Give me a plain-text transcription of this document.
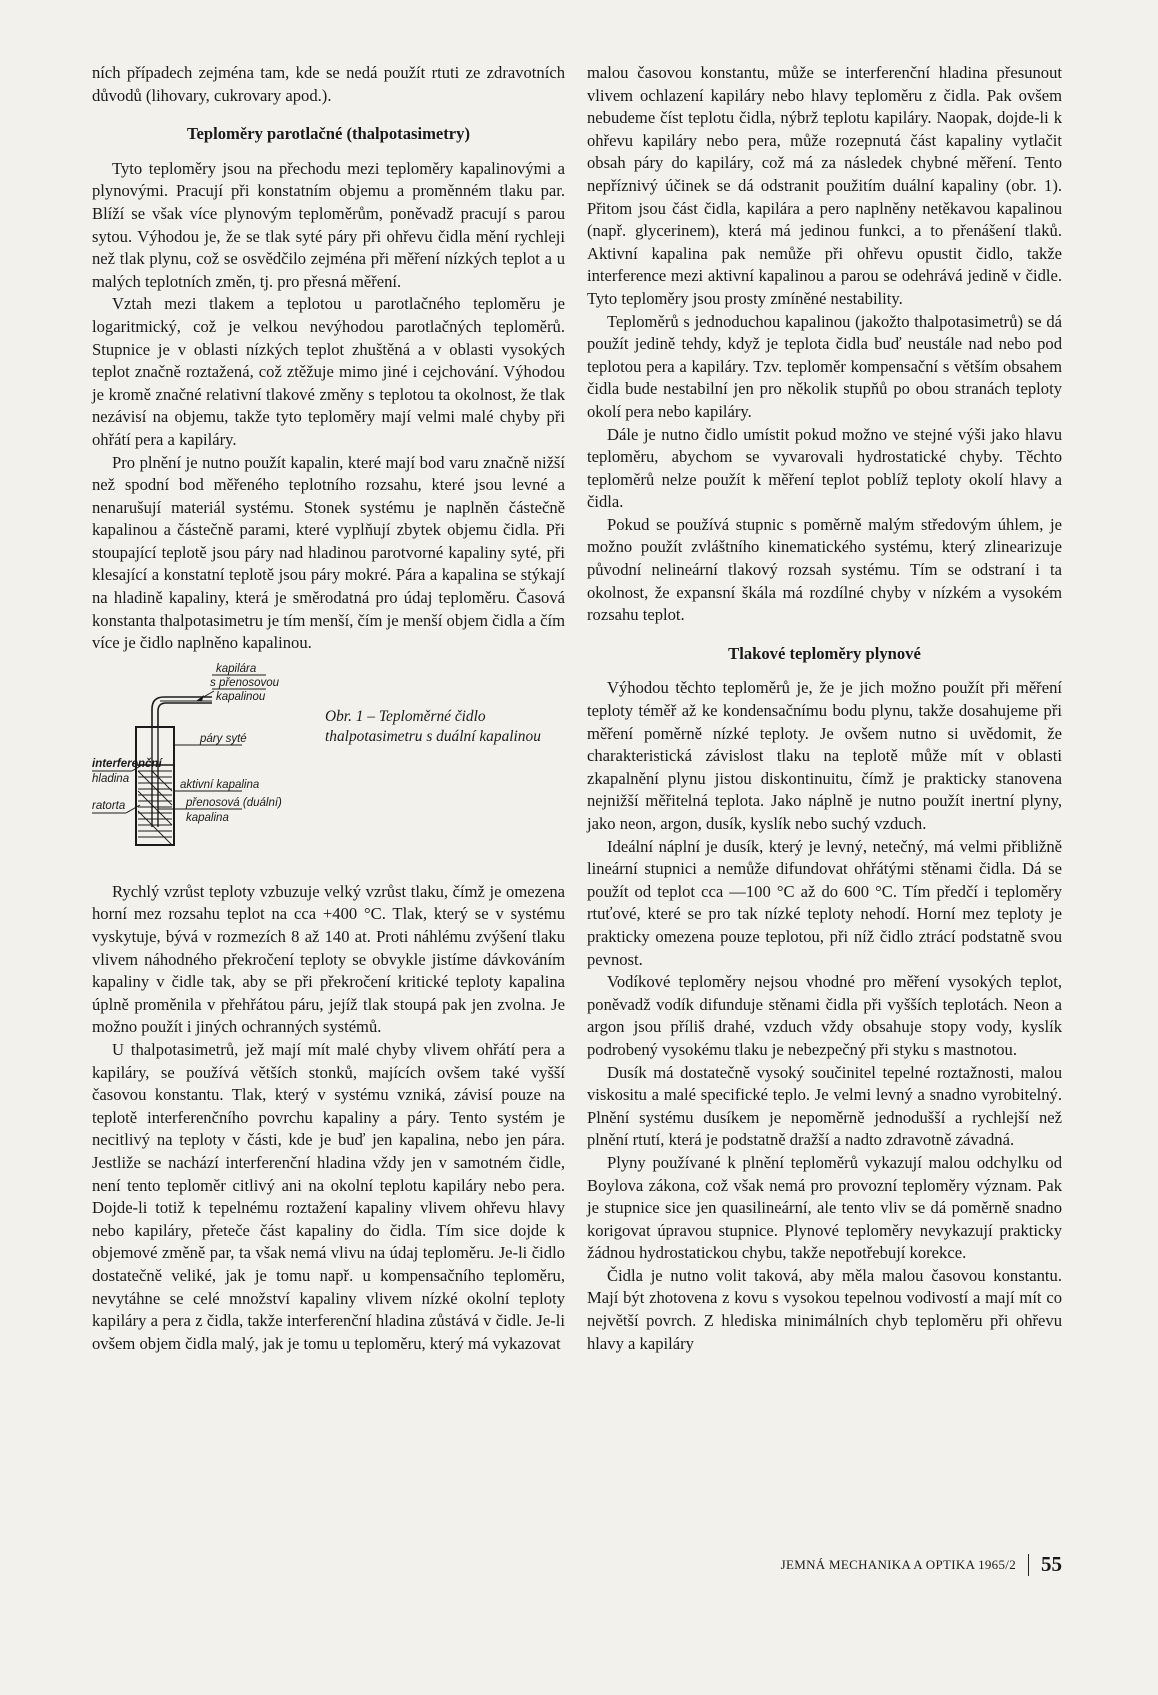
ních případech zejména tam, kde se nedá použít rtuti ze zdravotních důvodů (lihovary, cukrovary apod.).

Teploměry parotlačné (thalpotasimetry)

Tyto teploměry jsou na přechodu mezi teploměry kapalinovými a plynovými. Pracují při konstatním objemu a proměnném tlaku par. Blíží se však více plynovým teploměrům, poněvadž pracují s parou sytou. Výhodou je, že se tlak syté páry při ohřevu čidla mění rychleji než tlak plynu, což se osvědčilo zejména při měření nízkých teplot a u malých teplotních změn, tj. pro přesná měření.

Vztah mezi tlakem a teplotou u parotlačného teploměru je logaritmický, což je velkou nevýhodou parotlačných teploměrů. Stupnice je v oblasti nízkých teplot zhuštěná a v oblasti vysokých teplot značně roztažená, což ztěžuje mimo jiné i cejchování. Výhodou je kromě značné relativní tlakové změny s teplotou ta okolnost, že tlak nezávisí na objemu, takže tyto teploměry mají velmi malé chyby při ohřátí pera a kapiláry.

Pro plnění je nutno použít kapalin, které mají bod varu značně nižší než spodní bod měřeného teplotního rozsahu, které jsou levné a nenarušují materiál systému. Stonek systému je naplněn částečně kapalinou a částečně parami, které vyplňují zbytek objemu čidla. Při stoupající teplotě jsou páry nad hladinou parotvorné kapaliny syté, při klesající a konstatní teplotě jsou páry mokré. Pára a kapalina se stýkají na hladině kapaliny, která je směrodatná pro údaj teploměru. Časová konstanta thalpotasimetru je tím menší, čím je menší objem čidla a čím více je čidlo naplněno kapalinou.

kapilára
s přenosovou
kapalinou
páry syté
interferenční
hladina	aktivní kapalina
ratorta	přenosová (duální)
kapalina
Obr. 1 – Teploměrné čidlo thalpotasimetru s duální kapalinou

Rychlý vzrůst teploty vzbuzuje velký vzrůst tlaku, čímž je omezena horní mez rozsahu teplot na cca +400 °C. Tlak, který se v systému vyskytuje, bývá v rozmezích 8 až 140 at. Proti náhlému zvýšení tlaku vlivem náhodného překročení teploty se obvykle jistíme dávkováním kapaliny v čidle tak, aby se při překročení kritické teploty kapalina úplně proměnila v přehřátou páru, jejíž tlak stoupá pak jen zvolna. Je možno použít i jiných ochranných systémů.

U thalpotasimetrů, jež mají mít malé chyby vlivem ohřátí pera a kapiláry, se používá větších stonků, majících ovšem také vyšší časovou konstantu. Tlak, který v systému vzniká, závisí pouze na teplotě interferenčního povrchu kapaliny a páry. Tento systém je necitlivý na teploty v části, kde je buď jen kapalina, nebo jen pára. Jestliže se nachází interferenční hladina vždy jen v samotném čidle, není tento teploměr citlivý ani na okolní teplotu kapiláry nebo pera. Dojde-li totiž k tepelnému roztažení kapaliny vlivem ohřevu hlavy nebo kapiláry, přeteče část kapaliny do čidla. Tím sice dojde k objemové změně par, ta však nemá vlivu na údaj teploměru. Je-li čidlo dostatečně veliké, jak je tomu např. u kompensačního teploměru, nevytáhne se celé množství kapaliny vlivem nízké okolní teploty kapiláry a pera z čidla, takže interferenční hladina zůstává v čidle. Je-li ovšem objem čidla malý, jak je tomu u teploměru, který má vykazovat

malou časovou konstantu, může se interferenční hladina přesunout vlivem ochlazení kapiláry nebo hlavy teploměru z čidla. Pak ovšem nebudeme číst teplotu čidla, nýbrž teplotu kapiláry. Naopak, dojde-li k ohřevu kapiláry nebo pera, může rozepnutá část kapaliny vytlačit obsah páry do kapiláry, což má za následek chybné měření. Tento nepříznivý účinek se dá odstranit použitím duální kapaliny (obr. 1). Přitom jsou část čidla, kapilára a pero naplněny netěkavou kapalinou (např. glycerinem), která má jedinou funkci, a to přenášení tlaků. Aktivní kapalina pak nemůže při ohřevu opustit čidlo, takže interference mezi aktivní kapalinou a parou se odehrává jedině v čidle. Tyto teploměry jsou prosty zmíněné nestability.

Teploměrů s jednoduchou kapalinou (jakožto thalpotasimetrů) se dá použít jedině tehdy, když je teplota čidla buď neustále nad nebo pod teplotou pera a kapiláry. Tzv. teploměr kompensační s větším obsahem čidla bude nestabilní jen pro několik stupňů po obou stranách teploty okolí pera nebo kapiláry.

Dále je nutno čidlo umístit pokud možno ve stejné výši jako hlavu teploměru, abychom se vyvarovali hydrostatické chyby. Těchto teploměrů nelze použít k měření teplot poblíž teploty okolí hlavy a čidla.

Pokud se používá stupnic s poměrně malým středovým úhlem, je možno použít zvláštního kinematického systému, který zlinearizuje původní nelineární tlakový rozsah systému. Tím se odstraní i ta okolnost, že expansní škála má rozdílné chyby v nízkém a vysokém rozsahu teplot.

Tlakové teploměry plynové

Výhodou těchto teploměrů je, že je jich možno použít při měření teploty téměř až ke kondensačnímu bodu plynu, takže dosahujeme při měření poměrně nízké teploty. Je ovšem nutno si uvědomit, že charakteristická závislost tlaku na teplotě může mít v oblasti zkapalnění plynu jistou diskontinuitu, čímž je prakticky stanovena nejnižší měřitelná teplota. Jako náplně je nutno použít inertní plyny, jako neon, argon, dusík, kyslík nebo suchý vzduch.

Ideální náplní je dusík, který je levný, netečný, má velmi přibližně lineární stupnici a nemůže difundovat ohřátými stěnami čidla. Dá se použít od teplot cca —100 °C až do 600 °C. Tím předčí i teploměry rtuťové, které se pro tak nízké teploty nehodí. Horní mez teploty je prakticky omezena pouze teplotou, při níž čidlo ztrácí podstatně svou pevnost.

Vodíkové teploměry nejsou vhodné pro měření vysokých teplot, poněvadž vodík difunduje stěnami čidla při vyšších teplotách. Neon a argon jsou příliš drahé, vzduch vždy obsahuje stopy vody, kyslík podrobený vysokému tlaku je nebezpečný při styku s mastnotou.

Dusík má dostatečně vysoký součinitel tepelné roztažnosti, malou viskositu a malé specifické teplo. Je velmi levný a snadno vyrobitelný. Plnění systému dusíkem je nepoměrně jednodušší a rychlejší než plnění rtutí, která je podstatně dražší a nadto zdravotně závadná.

Plyny používané k plnění teploměrů vykazují malou odchylku od Boylova zákona, což však nemá pro provozní teploměry význam. Pak je stupnice sice jen quasilineární, ale tento vliv se dá poměrně snadno korigovat úpravou stupnice. Plynové teploměry nevykazují prakticky žádnou hydrostatickou chybu, takže nepotřebují korekce.

Čidla je nutno volit taková, aby měla malou časovou konstantu. Mají být zhotovena z kovu s vysokou tepelnou vodivostí a mají mít co největší povrch. Z hlediska minimálních chyb teploměru při ohřevu hlavy a kapiláry

JEMNÁ MECHANIKA A OPTIKA 1965/2 55
